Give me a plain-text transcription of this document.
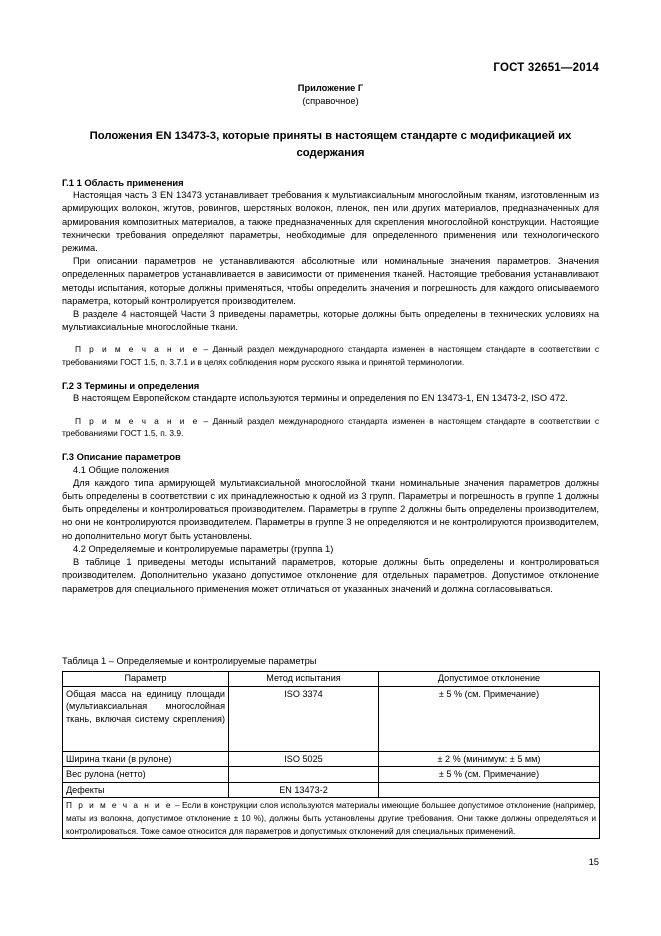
ГОСТ 32651—2014
Приложение Г
(справочное)
Положения EN 13473-3, которые приняты в настоящем стандарте с модификацией их содержания
Г.1 1 Область применения

Настоящая часть 3 EN 13473 устанавливает требования к мультиаксиальным многослойным тканям, изготовленным из армирующих волокон, жгутов, ровингов, шерстяных волокон, пленок, пен или других материалов, предназначенных для армирования композитных материалов, а также предназначенных для скрепления многослойной конструкции. Настоящие технически требования определяют параметры, необходимые для определенного применения или технологического режима.

При описании параметров не устанавливаются абсолютные или номинальные значения параметров. Значения определенных параметров устанавливается в зависимости от применения тканей. Настоящие требования устанавливают методы испытания, которые должны применяться, чтобы определить значения и погрешность для каждого описываемого параметра, который контролируется производителем.

В разделе 4 настоящей Части 3 приведены параметры, которые должны быть определены в технических условиях на мультиаксиальные многослойные ткани.

П р и м е ч а н и е – Данный раздел международного стандарта изменен в настоящем стандарте в соответствии с требованиями ГОСТ 1.5, п. 3.7.1 и в целях соблюдения норм русского языка и принятой терминологии.

Г.2 3 Термины и определения

В настоящем Европейском стандарте используются термины и определения по EN 13473-1, EN 13473-2, ISO 472.

П р и м е ч а н и е – Данный раздел международного стандарта изменен в настоящем стандарте в соответствии с требованиями ГОСТ 1.5, п. 3.9.

Г.3 Описание параметров
4.1 Общие положения

Для каждого типа армирующей мультиаксиальной многослойной ткани номинальные значения параметров должны быть определены в соответствии с их принадлежностью к одной из 3 групп. Параметры и погрешность в группе 1 должны быть определены и контролироваться производителем. Параметры в группе 2 должны быть определены производителем, но они не контролируются производителем. Параметры в группе 3 не определяются и не контролируются производителем, но дополнительно могут быть установлены.

4.2 Определяемые и контролируемые параметры (группа 1)

В таблице 1 приведены методы испытаний параметров, которые должны быть определены и контролироваться производителем. Дополнительно указано допустимое отклонение для отдельных параметров. Допустимое отклонение параметров для специального применения может отличаться от указанных значений и должна согласовываться.

Таблица 1 – Определяемые и контролируемые параметры
Параметр	Метод испытания	Допустимое отклонение
Общая масса на единицу площади (мультиаксиальная многослойная ткань, включая систему скрепления)	ISO 3374	± 5 % (см. Примечание)
Ширина ткани (в рулоне)	ISO 5025	± 2 % (минимум: ± 5 мм)
Вес рулона (нетто)		± 5 % (см. Примечание)
Дефекты	EN 13473-2	
П р и м е ч а н и е – Если в конструкции слоя используются материалы имеющие большее допустимое отклонение (например, маты из волокна, допустимое отклонение ± 10 %), должны быть установлены другие требования. Они также должны определяться и контролироваться. Тоже самое относится для параметров и допустимых отклонений для специальных применений.		
15
